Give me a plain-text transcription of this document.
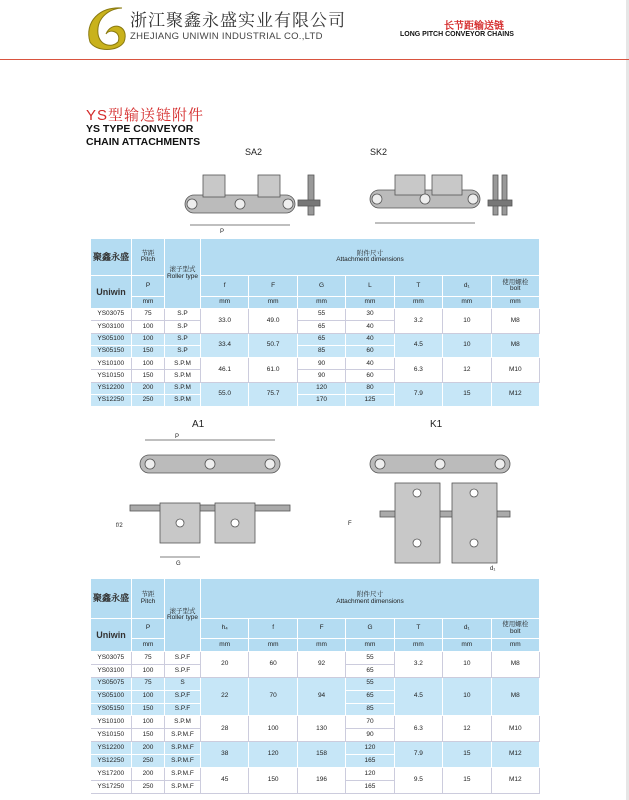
浙江聚鑫永盛实业有限公司
ZHEJIANG UNIWIN INDUSTRIAL CO.,LTD
长节距输送链
LONG PITCH CONVEYOR CHAINS
YS型输送链附件
YS TYPE CONVEYOR
CHAIN ATTACHMENTS
SA2
P
SK2
聚鑫永盛	节距
Pitch	滚子型式
Roller type	附件尺寸
Attachment dimensions						
Uniwin	P		f	F	G	L	T	d₁	使用螺栓
bolt
	mm		mm	mm	mm	mm	mm	mm	mm
YS03075	75	S.P	33.0	49.0	55	30	3.2	10	M8
YS03100	100	S.P			65	40			
YS05100	100	S.P	33.4	50.7	65	40	4.5	10	M8
YS05150	150	S.P			85	60			
YS10100	100	S.P.M	46.1	61.0	90	40	6.3	12	M10
YS10150	150	S.P.M			90	60			
YS12200	200	S.P.M	55.0	75.7	120	80	7.9	15	M12
YS12250	250	S.P.M			170	125			
A1
P
G
f/2
K1
F
d₁
聚鑫永盛	节距
Pitch	滚子型式
Roller type	附件尺寸
Attachment dimensions						
Uniwin	P		h₄	f	F	G	T	d₁	使用螺栓
bolt
	mm		mm	mm	mm	mm	mm	mm	mm
YS03075	75	S.P.F	20	60	92	55	3.2	10	M8
YS03100	100	S.P.F				65			
YS05075	75	S	22	70	94	55	4.5	10	M8
YS05100	100	S.P.F				65			
YS05150	150	S.P.F				85			
YS10100	100	S.P.M	28	100	130	70	6.3	12	M10
YS10150	150	S.P.M.F				90			
YS12200	200	S.P.M.F	38	120	158	120	7.9	15	M12
YS12250	250	S.P.M.F				165			
YS17200	200	S.P.M.F	45	150	196	120	9.5	15	M12
YS17250	250	S.P.M.F				165			
